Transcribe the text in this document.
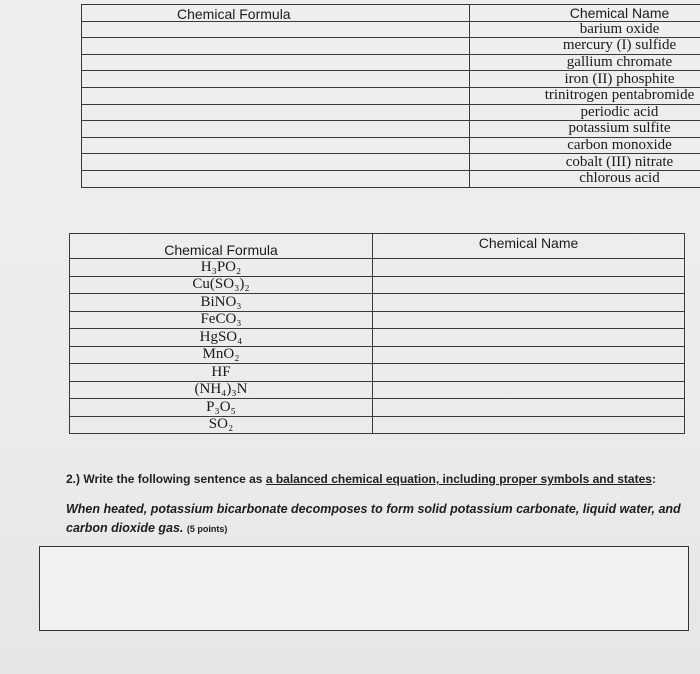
Chemical Formula	Chemical Name
	barium oxide
	mercury (I) sulfide
	gallium chromate
	iron (II) phosphite
	trinitrogen pentabromide
	periodic acid
	potassium sulfite
	carbon monoxide
	cobalt (III) nitrate
	chlorous acid
Chemical Formula	Chemical Name
H₃PO₂	
Cu(SO₃)₂	
BiNO₃	
FeCO₃	
HgSO₄	
MnO₂	
HF	
(NH₄)₃N	
P₃O₅	
SO₂	
2.) Write the following sentence as a balanced chemical equation, including proper symbols and states:
When heated, potassium bicarbonate decomposes to form solid potassium carbonate, liquid water, and carbon dioxide gas. (5 points)
